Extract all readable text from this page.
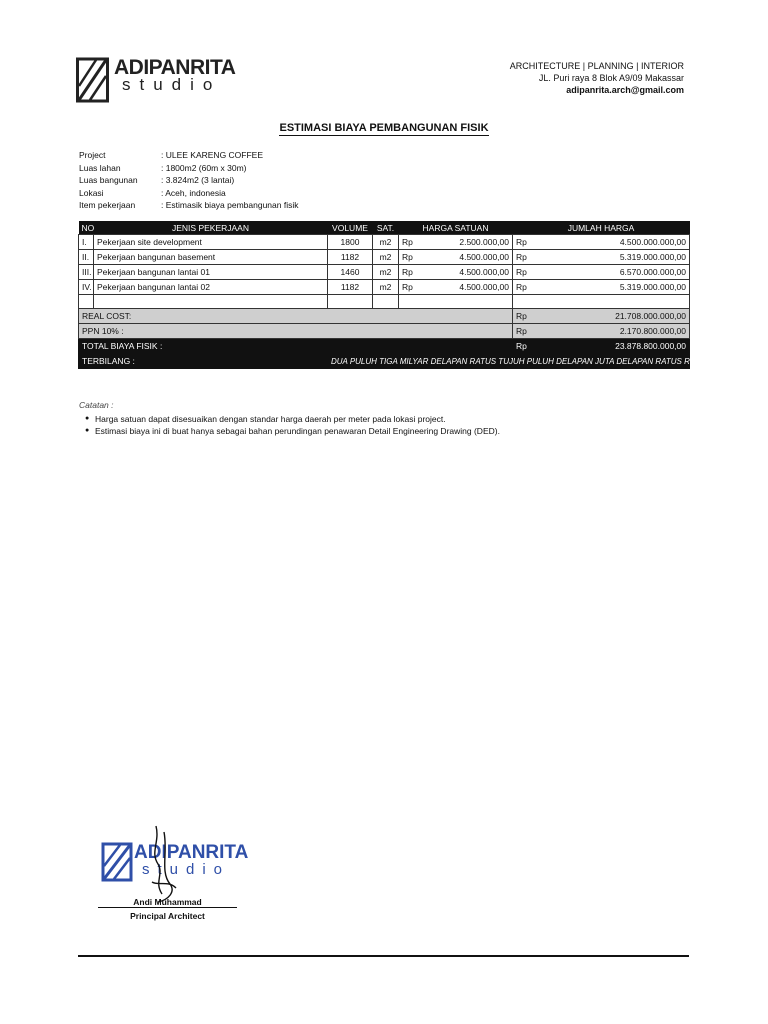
ADIPANRITA
studio
ARCHITECTURE | PLANNING | INTERIOR
JL. Puri raya 8 Blok A9/09 Makassar
adipanrita.arch@gmail.com
ESTIMASI BIAYA PEMBANGUNAN FISIK
Project	: ULEE KARENG COFFEE
Luas lahan	: 1800m2 (60m x 30m)
Luas bangunan	: 3.824m2 (3 lantai)
Lokasi	: Aceh, indonesia
Item pekerjaan	: Estimasik biaya pembangunan fisik
NO	JENIS PEKERJAAN	VOLUME	SAT.	HARGA SATUAN		JUMLAH HARGA	
I.	Pekerjaan site development	1800	m2	Rp	2.500.000,00	Rp	4.500.000.000,00
II.	Pekerjaan bangunan basement	1182	m2	Rp	4.500.000,00	Rp	5.319.000.000,00
III.	Pekerjaan bangunan lantai 01	1460	m2	Rp	4.500.000,00	Rp	6.570.000.000,00
IV.	Pekerjaan bangunan lantai 02	1182	m2	Rp	4.500.000,00	Rp	5.319.000.000,00

REAL COST:						Rp	21.708.000.000,00
PPN 10% :						Rp	2.170.800.000,00
TOTAL BIAYA FISIK :						Rp	23.878.800.000,00
TERBILANG :		DUA PULUH TIGA MILYAR DELAPAN RATUS TUJUH PULUH DELAPAN JUTA DELAPAN RATUS RIBU RUPIAH					
Catatan :
● Harga satuan dapat disesuaikan dengan standar harga daerah per meter pada lokasi project.
● Estimasi biaya ini di buat hanya sebagai bahan perundingan penawaran Detail Engineering Drawing (DED).
ADIPANRITA
studio
Andi Muhammad
Principal Architect
